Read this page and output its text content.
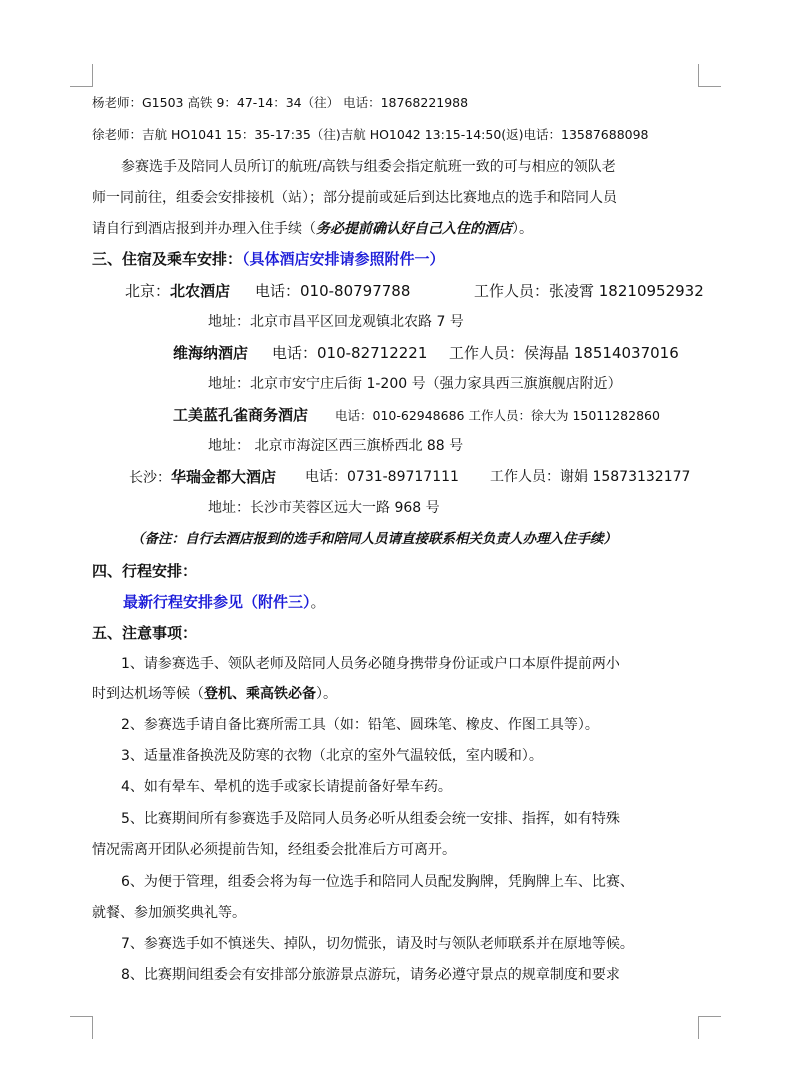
杨老师：G1503 高铁 9：47-14：34（往） 电话：18768221988
徐老师：吉航 HO1041 15：35-17:35（往)吉航 HO1042 13:15-14:50(返)电话：13587688098
参赛选手及陪同人员所订的航班/高铁与组委会指定航班一致的可与相应的领队老
师一同前往，组委会安排接机（站）；部分提前或延后到达比赛地点的选手和陪同人员
请自行到酒店报到并办理入住手续（务必提前确认好自己入住的酒店）。
三、住宿及乘车安排：（具体酒店安排请参照附件一）
北京：北农酒店 电话：010-80797788	工作人员：张凌霄 18210952932
地址：北京市昌平区回龙观镇北农路 7 号
维海纳酒店 电话：010-82712221 工作人员：侯海晶 18514037016
地址：北京市安宁庄后街 1-200 号（强力家具西三旗旗舰店附近）
工美蓝孔雀商务酒店 电话：010-62948686 工作人员：徐大为 15011282860
地址： 北京市海淀区西三旗桥西北 88 号
长沙：华瑞金都大酒店 电话：0731-89717111 工作人员：谢娟 15873132177
地址：长沙市芙蓉区远大一路 968 号
（备注：自行去酒店报到的选手和陪同人员请直接联系相关负责人办理入住手续）
四、行程安排：
最新行程安排参见（附件三）。
五、注意事项：
1、请参赛选手、领队老师及陪同人员务必随身携带身份证或户口本原件提前两小
时到达机场等候（登机、乘高铁必备）。
2、参赛选手请自备比赛所需工具（如：铅笔、圆珠笔、橡皮、作图工具等）。
3、适量准备换洗及防寒的衣物（北京的室外气温较低，室内暖和）。
4、如有晕车、晕机的选手或家长请提前备好晕车药。
5、比赛期间所有参赛选手及陪同人员务必听从组委会统一安排、指挥，如有特殊
情况需离开团队必须提前告知，经组委会批准后方可离开。
6、为便于管理，组委会将为每一位选手和陪同人员配发胸牌，凭胸牌上车、比赛、
就餐、参加颁奖典礼等。
7、参赛选手如不慎迷失、掉队，切勿慌张，请及时与领队老师联系并在原地等候。
8、比赛期间组委会有安排部分旅游景点游玩，请务必遵守景点的规章制度和要求
